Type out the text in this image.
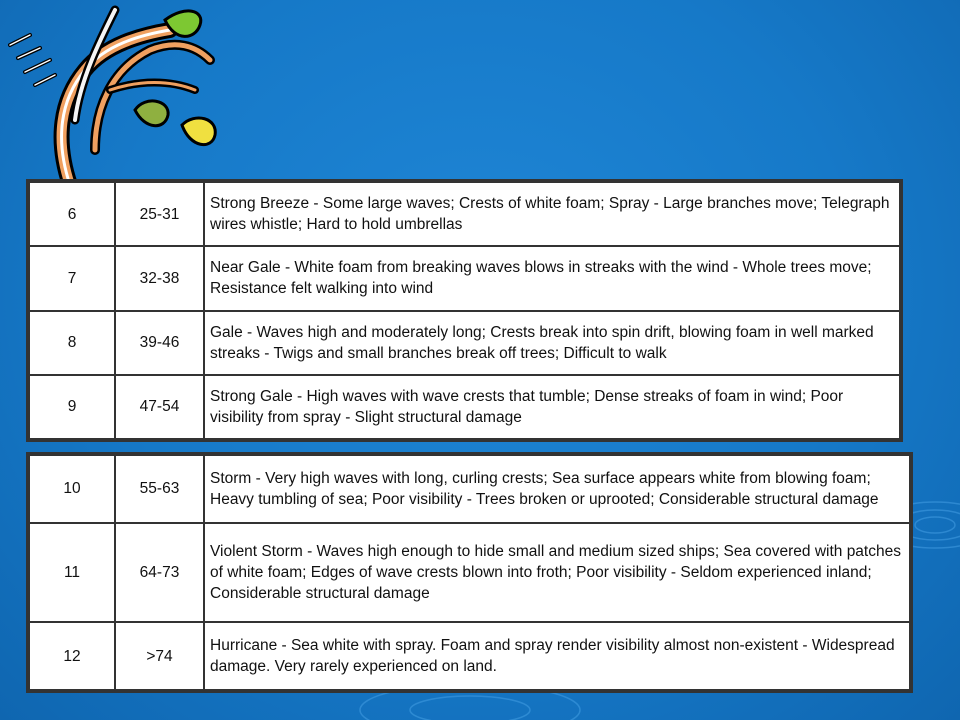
6	25-31	Strong Breeze - Some large waves; Crests of white foam; Spray - Large branches move; Telegraph wires whistle; Hard to hold umbrellas
7	32-38	Near Gale - White foam from breaking waves blows in streaks with the wind - Whole trees move; Resistance felt walking into wind
8	39-46	Gale - Waves high and moderately long; Crests break into spin drift, blowing foam in well marked streaks - Twigs and small branches break off trees; Difficult to walk
9	47-54	Strong Gale - High waves with wave crests that tumble; Dense streaks of foam in wind; Poor visibility from spray - Slight structural damage
10	55-63	Storm - Very high waves with long, curling crests; Sea surface appears white from blowing foam; Heavy tumbling of sea; Poor visibility - Trees broken or uprooted; Considerable structural damage
11	64-73	Violent Storm - Waves high enough to hide small and medium sized ships; Sea covered with patches of white foam; Edges of wave crests blown into froth; Poor visibility - Seldom experienced inland; Considerable structural damage
12	>74	Hurricane - Sea white with spray. Foam and spray render visibility almost non-existent - Widespread damage. Very rarely experienced on land.
